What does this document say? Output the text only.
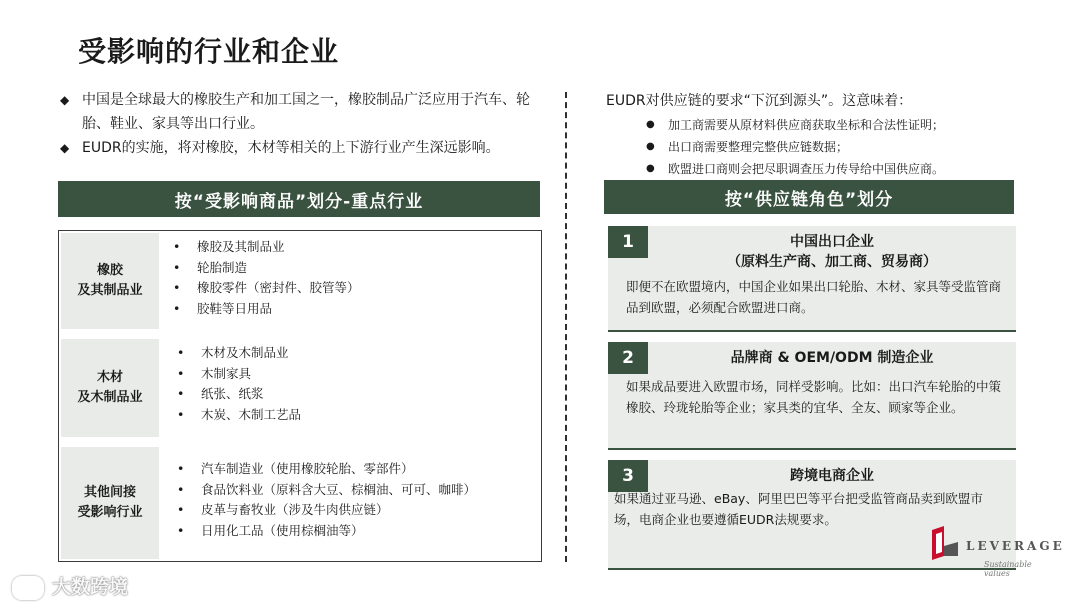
受影响的行业和企业
◆ 中国是全球最大的橡胶生产和加工国之一，橡胶制品广泛应用于汽车、轮胎、鞋业、家具等出口行业。
◆ EUDR的实施，将对橡胶，木材等相关的上下游行业产生深远影响。
按“受影响商品”划分-重点行业
橡胶
及其制品业
• 橡胶及其制品业
• 轮胎制造
• 橡胶零件（密封件、胶管等）
• 胶鞋等日用品
木材
及木制品业
• 木材及木制品业
• 木制家具
• 纸张、纸浆
• 木炭、木制工艺品
其他间接
受影响行业
• 汽车制造业（使用橡胶轮胎、零部件）
• 食品饮料业（原料含大豆、棕榈油、可可、咖啡）
• 皮革与畜牧业（涉及牛肉供应链）
• 日用化工品（使用棕榈油等）
EUDR对供应链的要求“下沉到源头”。这意味着：
● 加工商需要从原材料供应商获取坐标和合法性证明；
● 出口商需要整理完整供应链数据；
● 欧盟进口商则会把尽职调查压力传导给中国供应商。
按“供应链角色”划分
1	中国出口企业
（原料生产商、加工商、贸易商）
即便不在欧盟境内，中国企业如果出口轮胎、木材、家具等受监管商品到欧盟，必须配合欧盟进口商。
2	品牌商 & OEM/ODM 制造企业
如果成品要进入欧盟市场，同样受影响。比如：出口汽车轮胎的中策橡胶、玲珑轮胎等企业；家具类的宜华、全友、顾家等企业。
3	跨境电商企业
如果通过亚马逊、eBay、阿里巴巴等平台把受监管商品卖到欧盟市场，电商企业也要遵循EUDR法规要求。
LEVERAGE
Sustainable values
大数跨境
